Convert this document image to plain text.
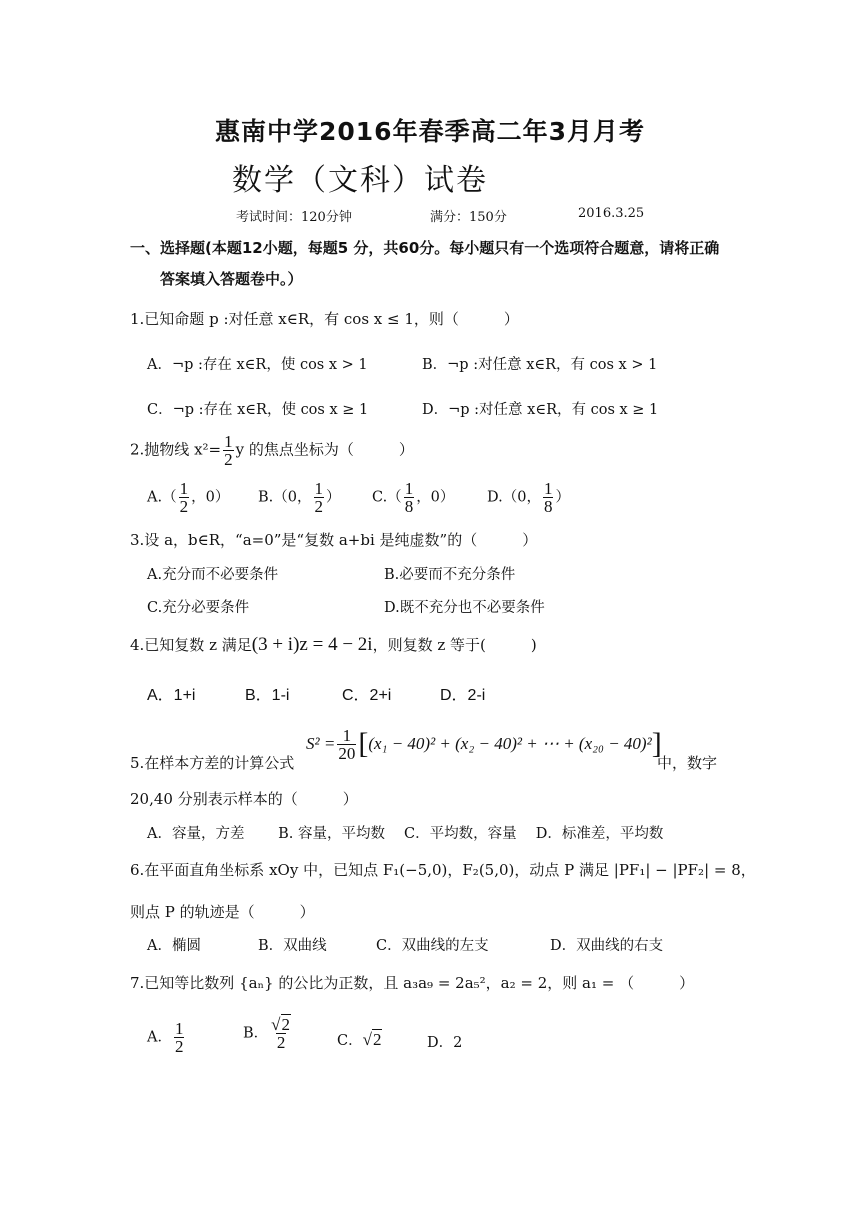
惠南中学2016年春季高二年3月月考
数学（文科）试卷
考试时间：120分钟	满分：150分	2016.3.25
一、选择题(本题12小题，每题5 分，共60分。每小题只有一个选项符合题意，请将正确
答案填入答题卷中。）
1.已知命题 p :对任意 x∈R，有 cos x ≤ 1，则（　　　）
A．¬p :存在 x∈R，使 cos x > 1	B．¬p :对任意 x∈R，有 cos x > 1
C．¬p :存在 x∈R，使 cos x ≥ 1	D．¬p :对任意 x∈R，有 cos x ≥ 1
2.抛物线 $x^2= \frac{1}{2}$ y 的焦点坐标为（　　　）
$A.( \frac{1}{2}$ ，0） B.（0， $\frac{1}{2}$ ） $C.( \frac{1}{8}$ ，0） D.（0， $\frac{1}{8}$ ）
3.设 a，b∈R，“a=0”是“复数 a+bi 是纯虚数”的（　　　）
A.充分而不必要条件	B.必要而不充分条件
C.充分必要条件	D.既不充分也不必要条件
4.已知复数 z 满足(3 + i)z = 4 − 2i，则复数 z 等于(　　　)
A．1+i	B．1-i	C．2+i	D．2-i
5.在样本方差的计算公式
$S^2 = \frac{1}{20} [(x_1 - 40)^2 + (x_2 - 40)^2$ + ⋯ + (x₂₀ − 40)²]
中，数字
20,40 分别表示样本的（　　　）
A．容量，方差　　 B. 容量，平均数　 C．平均数，容量　 D．标准差，平均数
6.在平面直角坐标系 xOy 中，已知点 F₁(−5,0)，F₂(5,0)，动点 P 满足 |PF₁| − |PF₂| = 8，
则点 P 的轨迹是（　　　）
A．椭圆	B．双曲线	C．双曲线的左支	D．双曲线的右支
7.已知等比数列 {aₙ} 的公比为正数，且 a₃a₉ = 2a₅²，a₂ = 2，则 a₁ = （　　　）
A． $\frac{1}{2}$	B． $\frac{√2}{2}$	C．√2	D．2
